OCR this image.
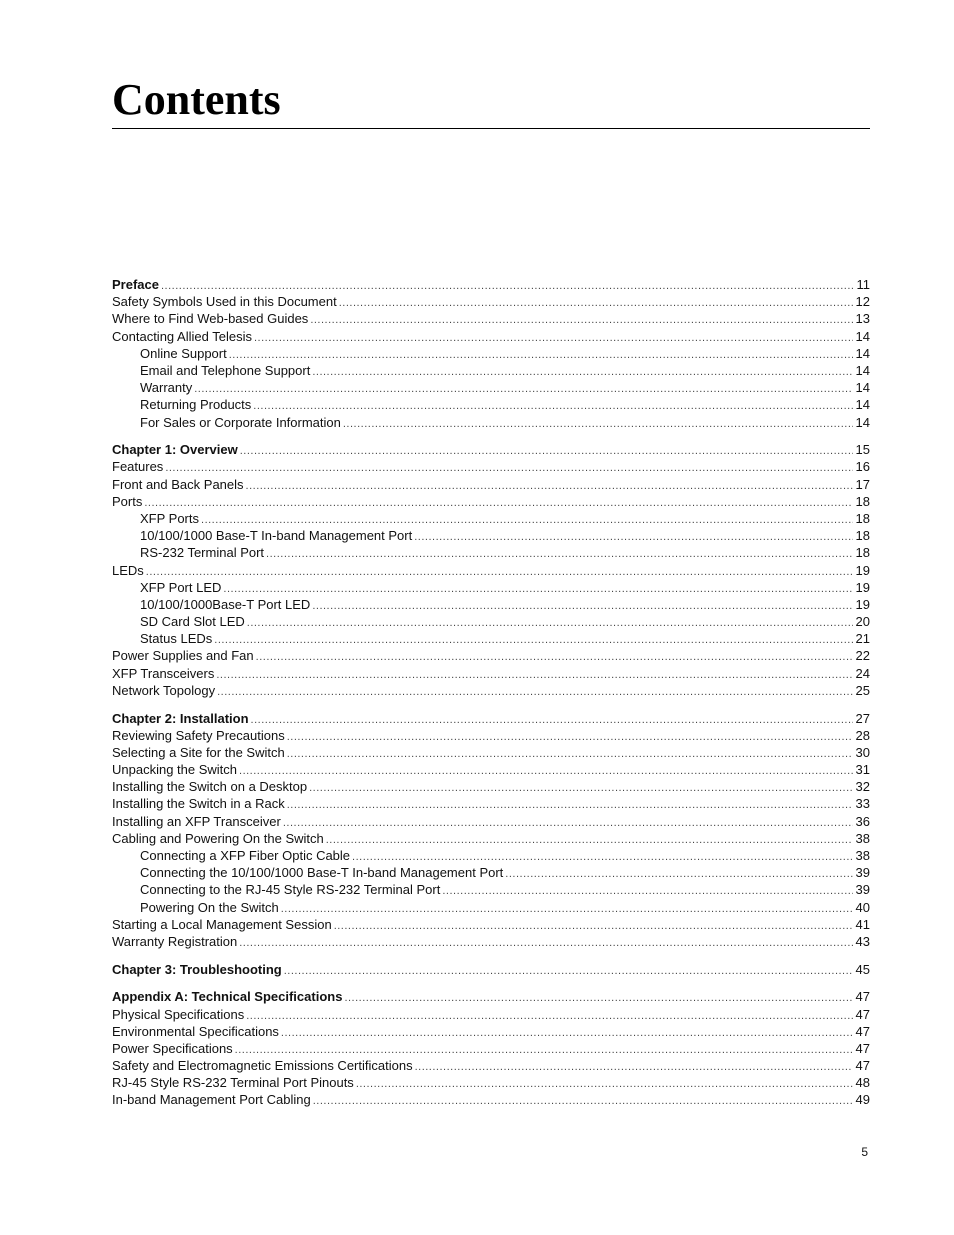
Contents
Preface .....	11
Safety Symbols Used in this Document .....	12
Where to Find Web-based Guides .....	13
Contacting Allied Telesis .....	14
Online Support .....	14
Email and Telephone Support .....	14
Warranty .....	14
Returning Products .....	14
For Sales or Corporate Information .....	14
Chapter 1: Overview .....	15
Features .....	16
Front and Back Panels .....	17
Ports .....	18
XFP Ports .....	18
10/100/1000 Base-T In-band Management Port .....	18
RS-232 Terminal Port .....	18
LEDs .....	19
XFP Port LED .....	19
10/100/1000Base-T Port LED .....	19
SD Card Slot LED .....	20
Status LEDs .....	21
Power Supplies and Fan .....	22
XFP Transceivers .....	24
Network Topology .....	25
Chapter 2: Installation .....	27
Reviewing Safety Precautions .....	28
Selecting a Site for the Switch .....	30
Unpacking the Switch .....	31
Installing the Switch on a Desktop .....	32
Installing the Switch in a Rack .....	33
Installing an XFP Transceiver .....	36
Cabling and Powering On the Switch .....	38
Connecting a XFP Fiber Optic Cable .....	38
Connecting the 10/100/1000 Base-T In-band Management Port .....	39
Connecting to the RJ-45 Style RS-232 Terminal Port .....	39
Powering On the Switch .....	40
Starting a Local Management Session .....	41
Warranty Registration .....	43
Chapter 3: Troubleshooting .....	45
Appendix A: Technical Specifications .....	47
Physical Specifications .....	47
Environmental Specifications .....	47
Power Specifications .....	47
Safety and Electromagnetic Emissions Certifications .....	47
RJ-45 Style RS-232 Terminal Port Pinouts .....	48
In-band Management Port Cabling .....	49
5
